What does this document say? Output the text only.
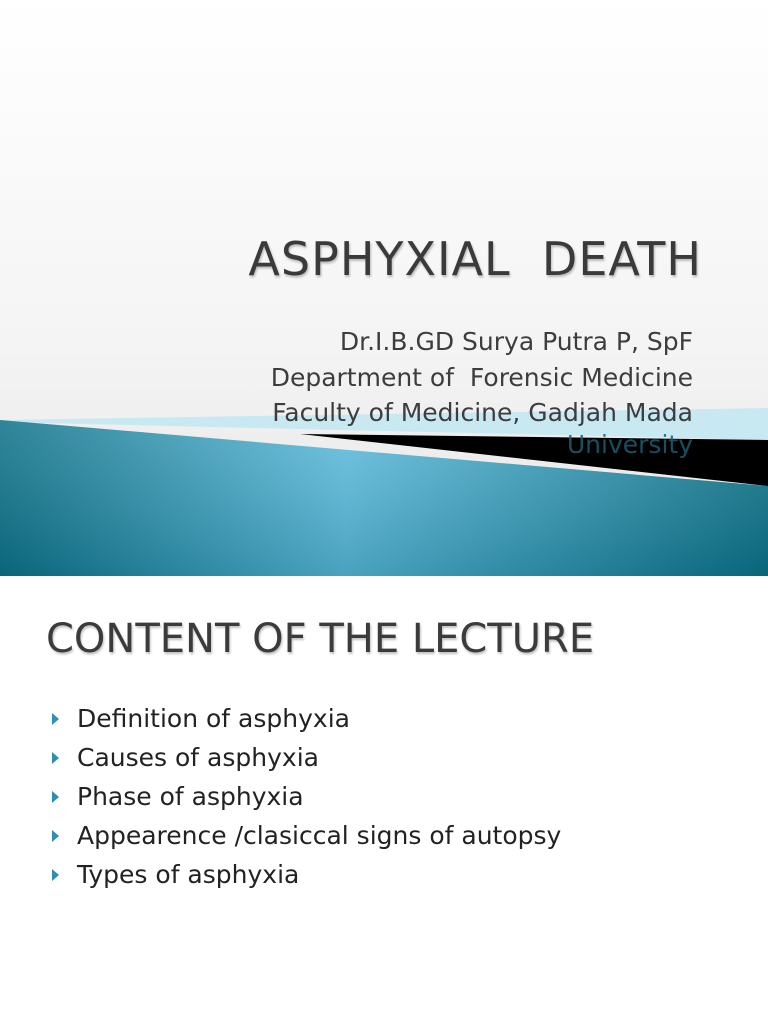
ASPHYXIAL  DEATH

Dr.I.B.GD Surya Putra P, SpF

Department of  Forensic Medicine

Faculty of Medicine, Gadjah Mada

University

CONTENT OF THE LECTURE
Definition of asphyxia
Causes of asphyxia
Phase of asphyxia
Appearence /clasiccal signs of autopsy
Types of asphyxia
